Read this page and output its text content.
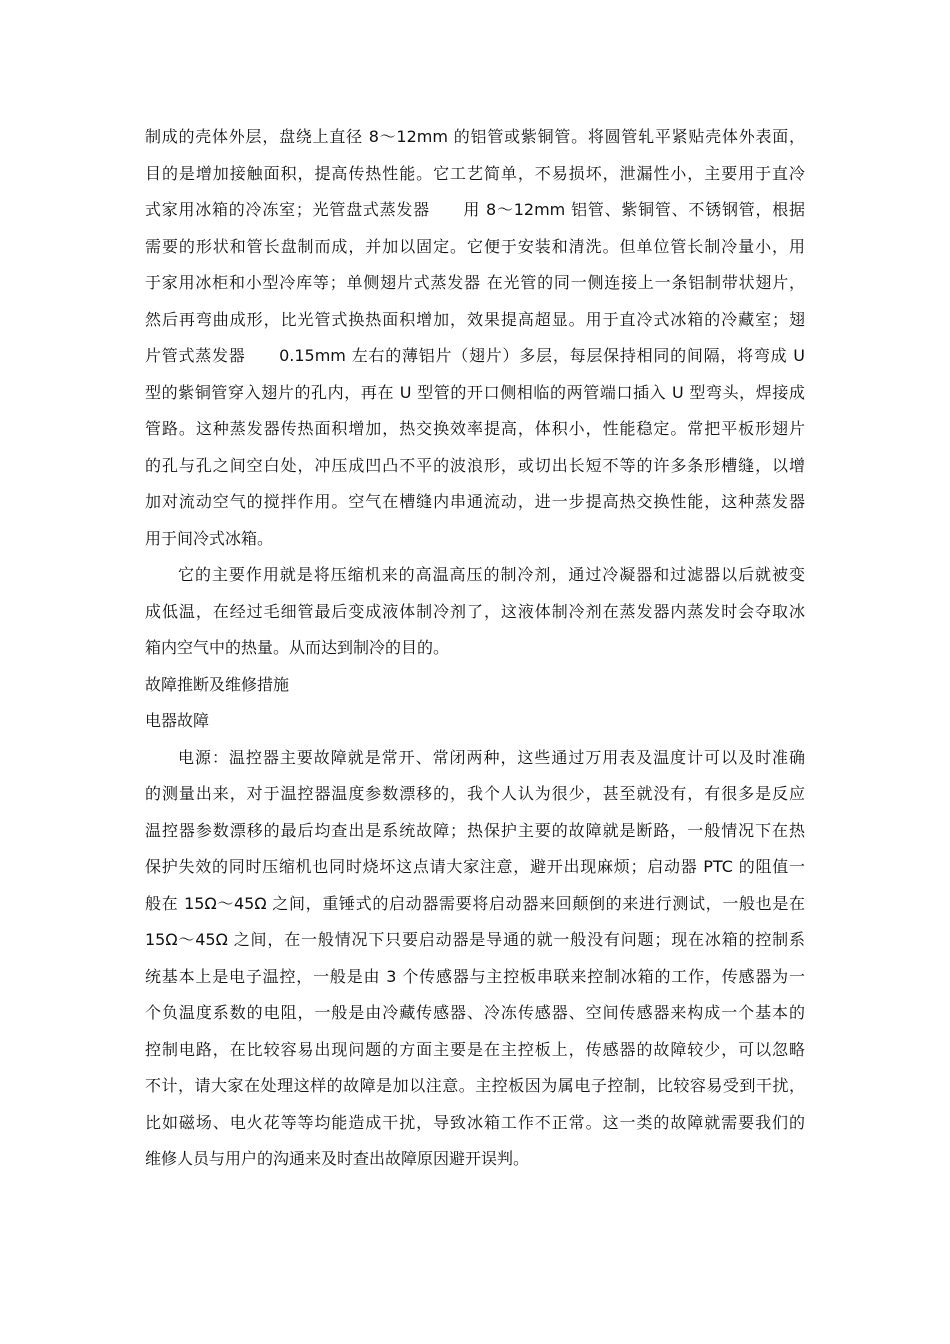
制成的壳体外层，盘绕上直径 8～12mm 的铝管或紫铜管。将圆管轧平紧贴壳体外表面，

目的是增加接触面积，提高传热性能。它工艺简单，不易损坏，泄漏性小，主要用于直冷

式家用冰箱的冷冻室；光管盘式蒸发器　　用 8～12mm 铝管、紫铜管、不锈钢管，根据

需要的形状和管长盘制而成，并加以固定。它便于安装和清洗。但单位管长制冷量小，用

于家用冰柜和小型冷库等；单侧翅片式蒸发器 在光管的同一侧连接上一条铝制带状翅片，

然后再弯曲成形，比光管式换热面积增加，效果提高超显。用于直冷式冰箱的冷藏室；翅

片管式蒸发器　　0.15mm 左右的薄铝片（翅片）多层，每层保持相同的间隔，将弯成 U

型的紫铜管穿入翅片的孔内，再在 U 型管的开口侧相临的两管端口插入 U 型弯头，焊接成

管路。这种蒸发器传热面积增加，热交换效率提高，体积小，性能稳定。常把平板形翅片

的孔与孔之间空白处，冲压成凹凸不平的波浪形，或切出长短不等的许多条形槽缝，以增

加对流动空气的搅拌作用。空气在槽缝内串通流动，进一步提高热交换性能，这种蒸发器

用于间冷式冰箱。

它的主要作用就是将压缩机来的高温高压的制冷剂，通过冷凝器和过滤器以后就被变

成低温，在经过毛细管最后变成液体制冷剂了，这液体制冷剂在蒸发器内蒸发时会夺取冰

箱内空气中的热量。从而达到制冷的目的。

故障推断及维修措施

电器故障

电源：温控器主要故障就是常开、常闭两种，这些通过万用表及温度计可以及时准确

的测量出来，对于温控器温度参数漂移的，我个人认为很少，甚至就没有，有很多是反应

温控器参数漂移的最后均查出是系统故障；热保护主要的故障就是断路，一般情况下在热

保护失效的同时压缩机也同时烧坏这点请大家注意，避开出现麻烦；启动器 PTC 的阻值一

般在 15Ω～45Ω 之间，重锤式的启动器需要将启动器来回颠倒的来进行测试，一般也是在

15Ω～45Ω 之间，在一般情况下只要启动器是导通的就一般没有问题；现在冰箱的控制系

统基本上是电子温控，一般是由 3 个传感器与主控板串联来控制冰箱的工作，传感器为一

个负温度系数的电阻，一般是由冷藏传感器、冷冻传感器、空间传感器来构成一个基本的

控制电路，在比较容易出现问题的方面主要是在主控板上，传感器的故障较少，可以忽略

不计，请大家在处理这样的故障是加以注意。主控板因为属电子控制，比较容易受到干扰，

比如磁场、电火花等等均能造成干扰，导致冰箱工作不正常。这一类的故障就需要我们的

维修人员与用户的沟通来及时查出故障原因避开误判。
